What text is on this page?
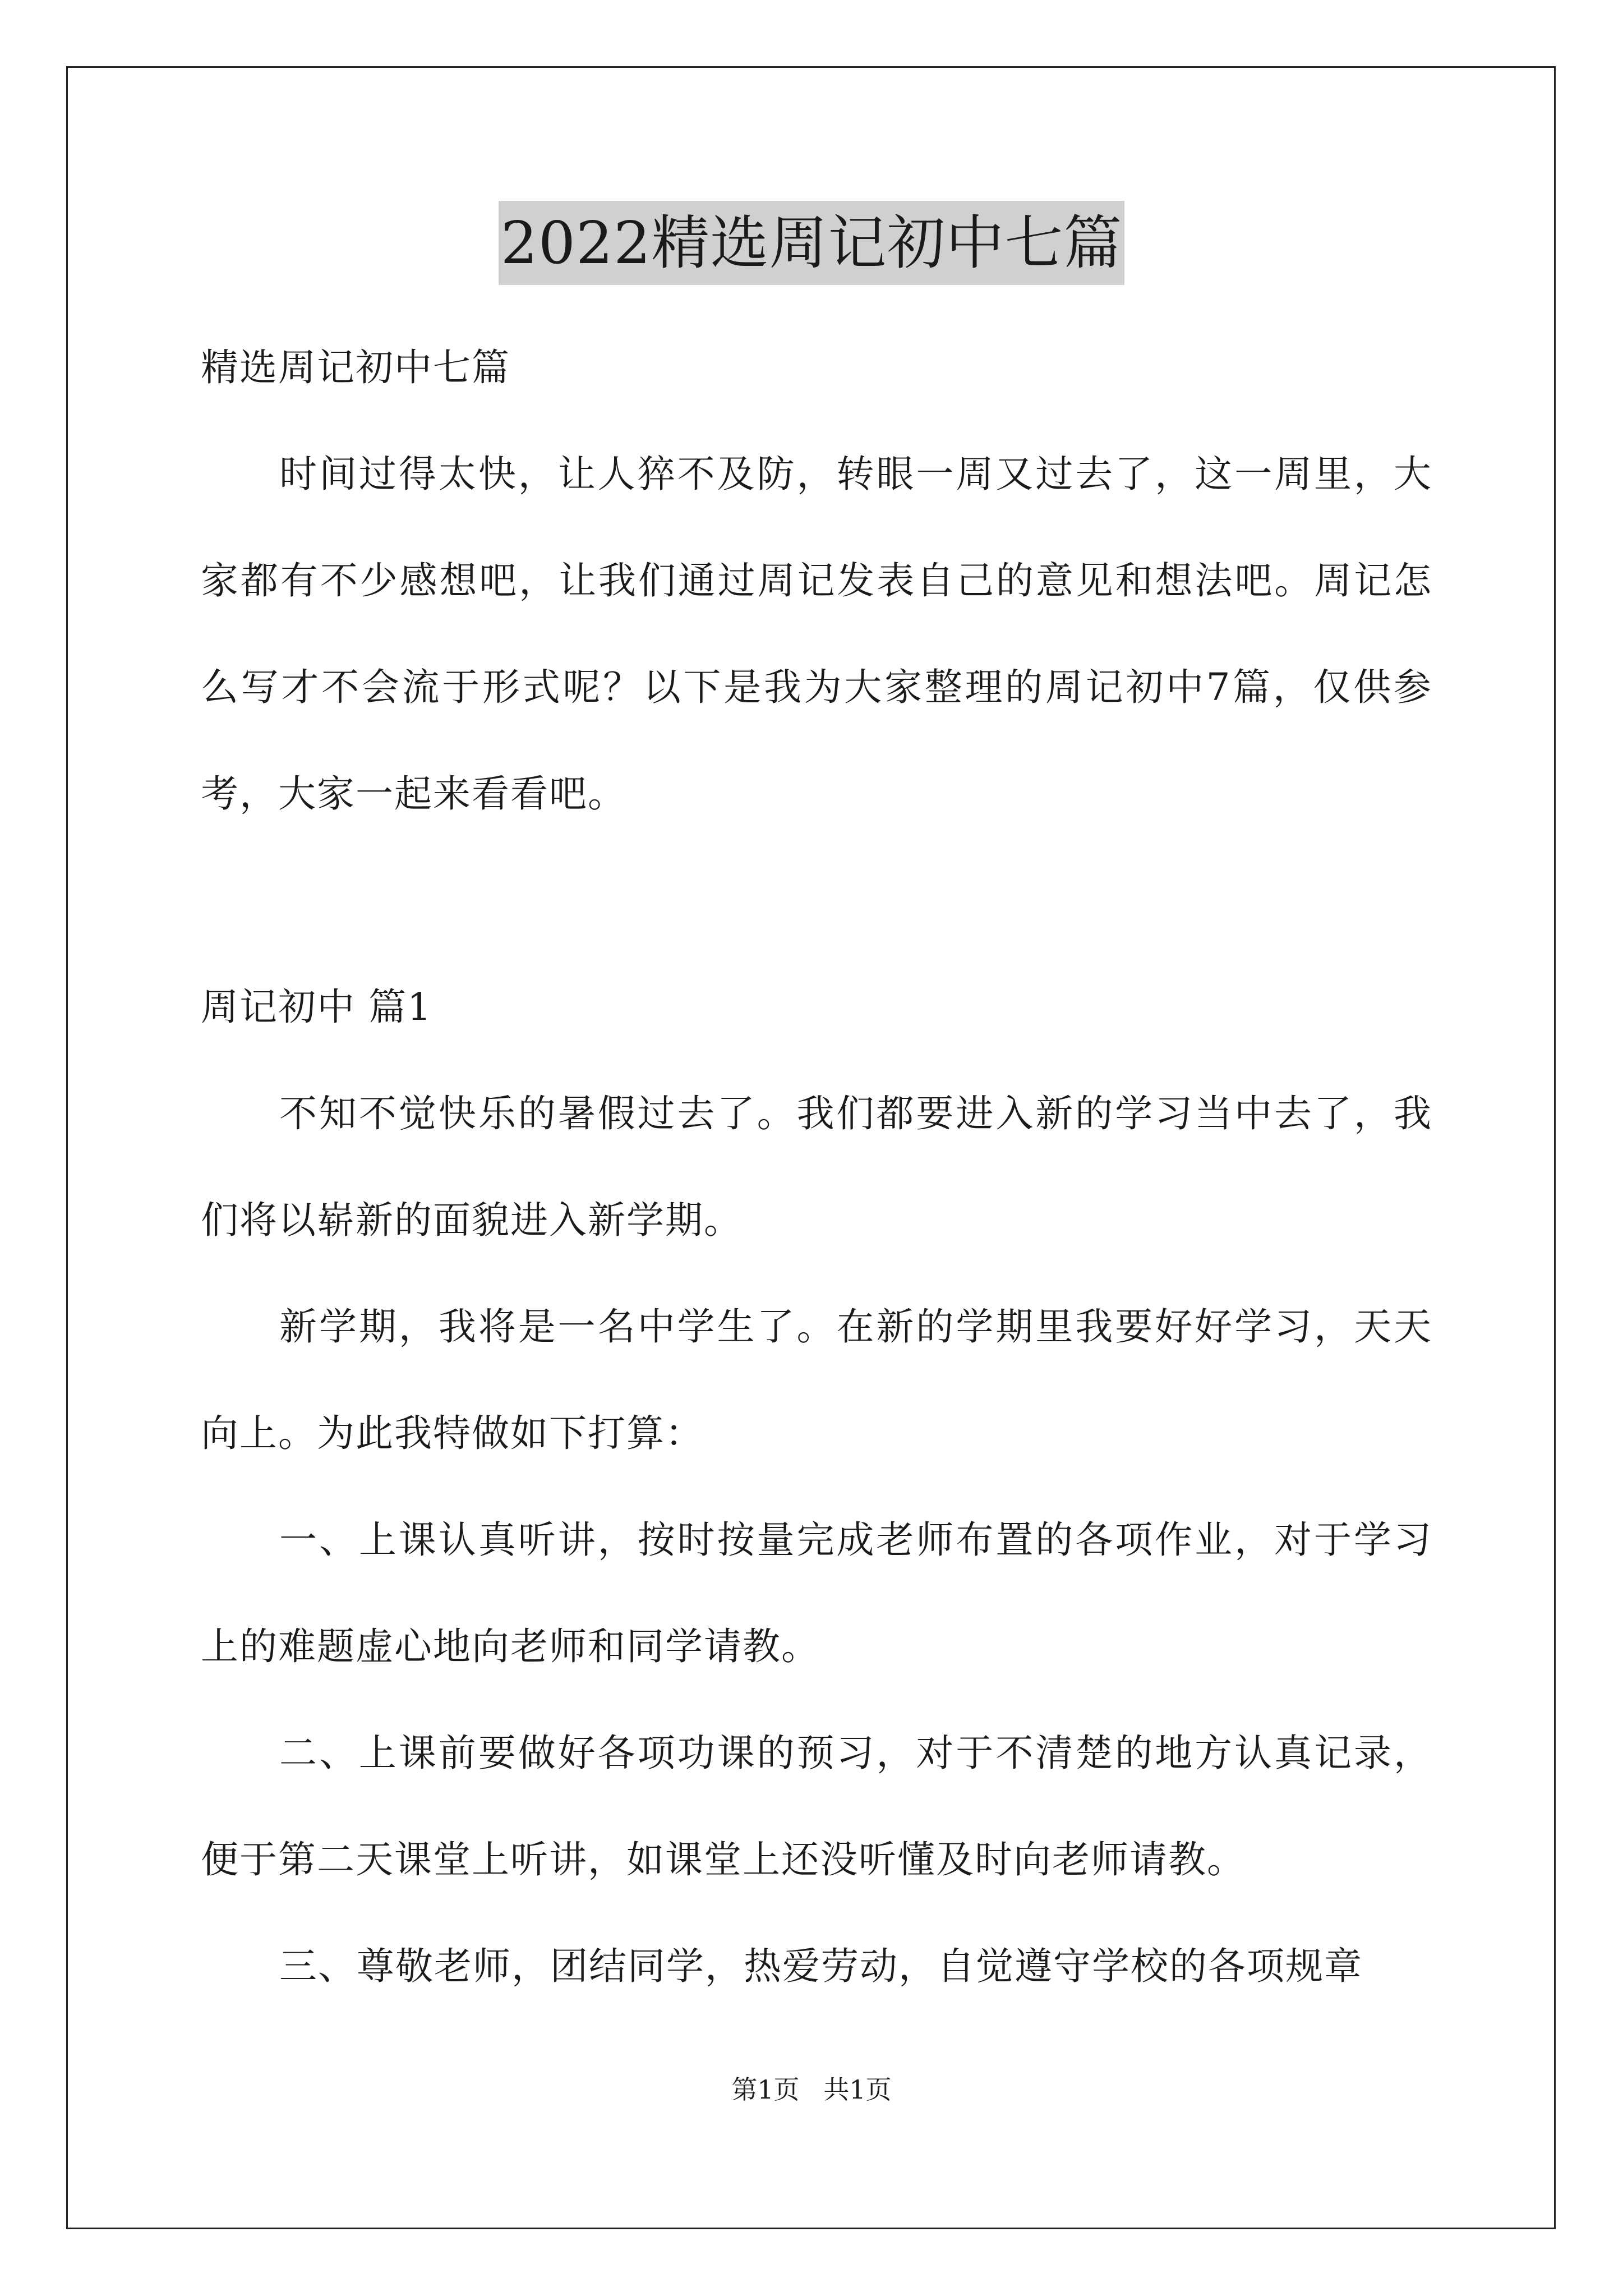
2022精选周记初中七篇

精选周记初中七篇

时间过得太快，让人猝不及防，转眼一周又过去了，这一周里，大家都有不少感想吧，让我们通过周记发表自己的意见和想法吧。周记怎么写才不会流于形式呢？以下是我为大家整理的周记初中7篇，仅供参考，大家一起来看看吧。

周记初中 篇1

不知不觉快乐的暑假过去了。我们都要进入新的学习当中去了，我们将以崭新的面貌进入新学期。

新学期，我将是一名中学生了。在新的学期里我要好好学习，天天向上。为此我特做如下打算：

一、上课认真听讲，按时按量完成老师布置的各项作业，对于学习上的难题虚心地向老师和同学请教。

二、上课前要做好各项功课的预习，对于不清楚的地方认真记录，便于第二天课堂上听讲，如课堂上还没听懂及时向老师请教。

三、尊敬老师，团结同学，热爱劳动，自觉遵守学校的各项规章

第1页 共1页
